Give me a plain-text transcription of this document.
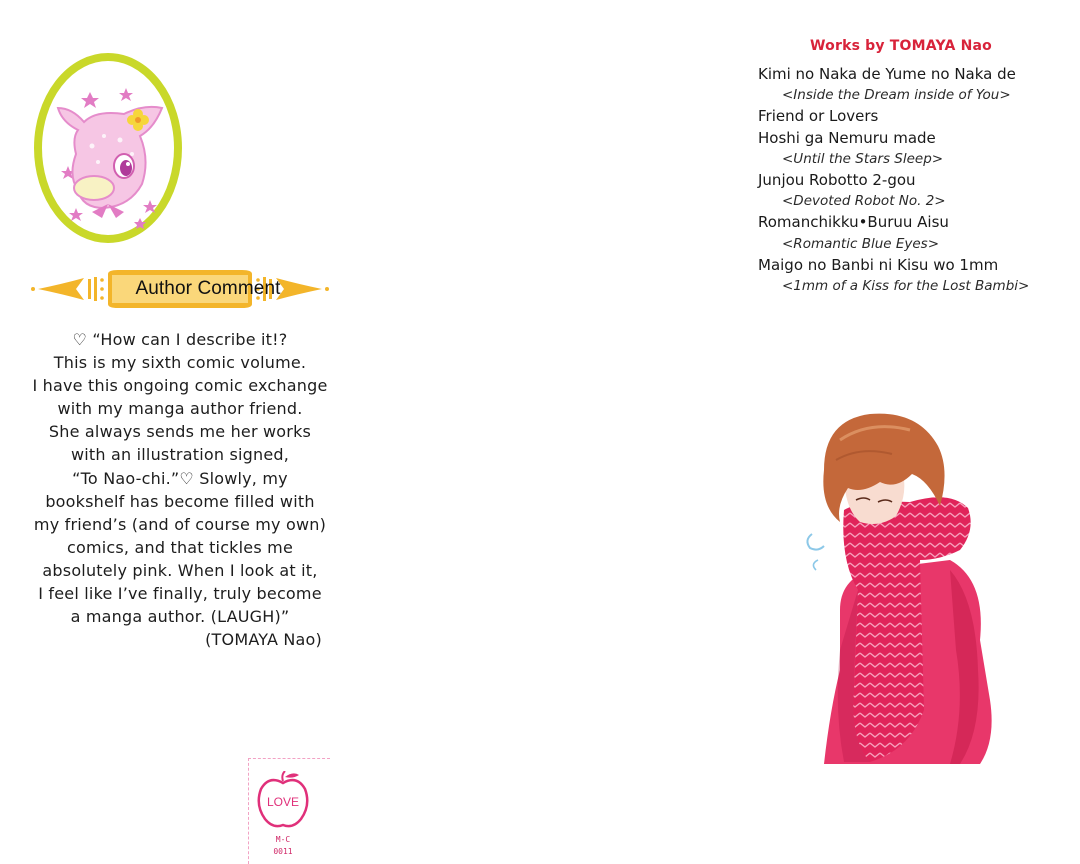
Author Comment
♡ “How can I describe it!?
This is my sixth comic volume.
I have this ongoing comic exchange
with my manga author friend.
She always sends me her works
with an illustration signed,
“To Nao-chi.”♡ Slowly, my
bookshelf has become filled with
my friend’s (and of course my own)
comics, and that tickles me
absolutely pink. When I look at it,
I feel like I’ve finally, truly become
a manga author. (LAUGH)”
(TOMAYA Nao)
LOVE
M-C
0011
Works by TOMAYA Nao
Kimi no Naka de Yume no Naka de
<Inside the Dream inside of You>
Friend or Lovers
Hoshi ga Nemuru made
<Until the Stars Sleep>
Junjou Robotto 2-gou
<Devoted Robot No. 2>
Romanchikku•Buruu Aisu
<Romantic Blue Eyes>
Maigo no Banbi ni Kisu wo 1mm
<1mm of a Kiss for the Lost Bambi>
